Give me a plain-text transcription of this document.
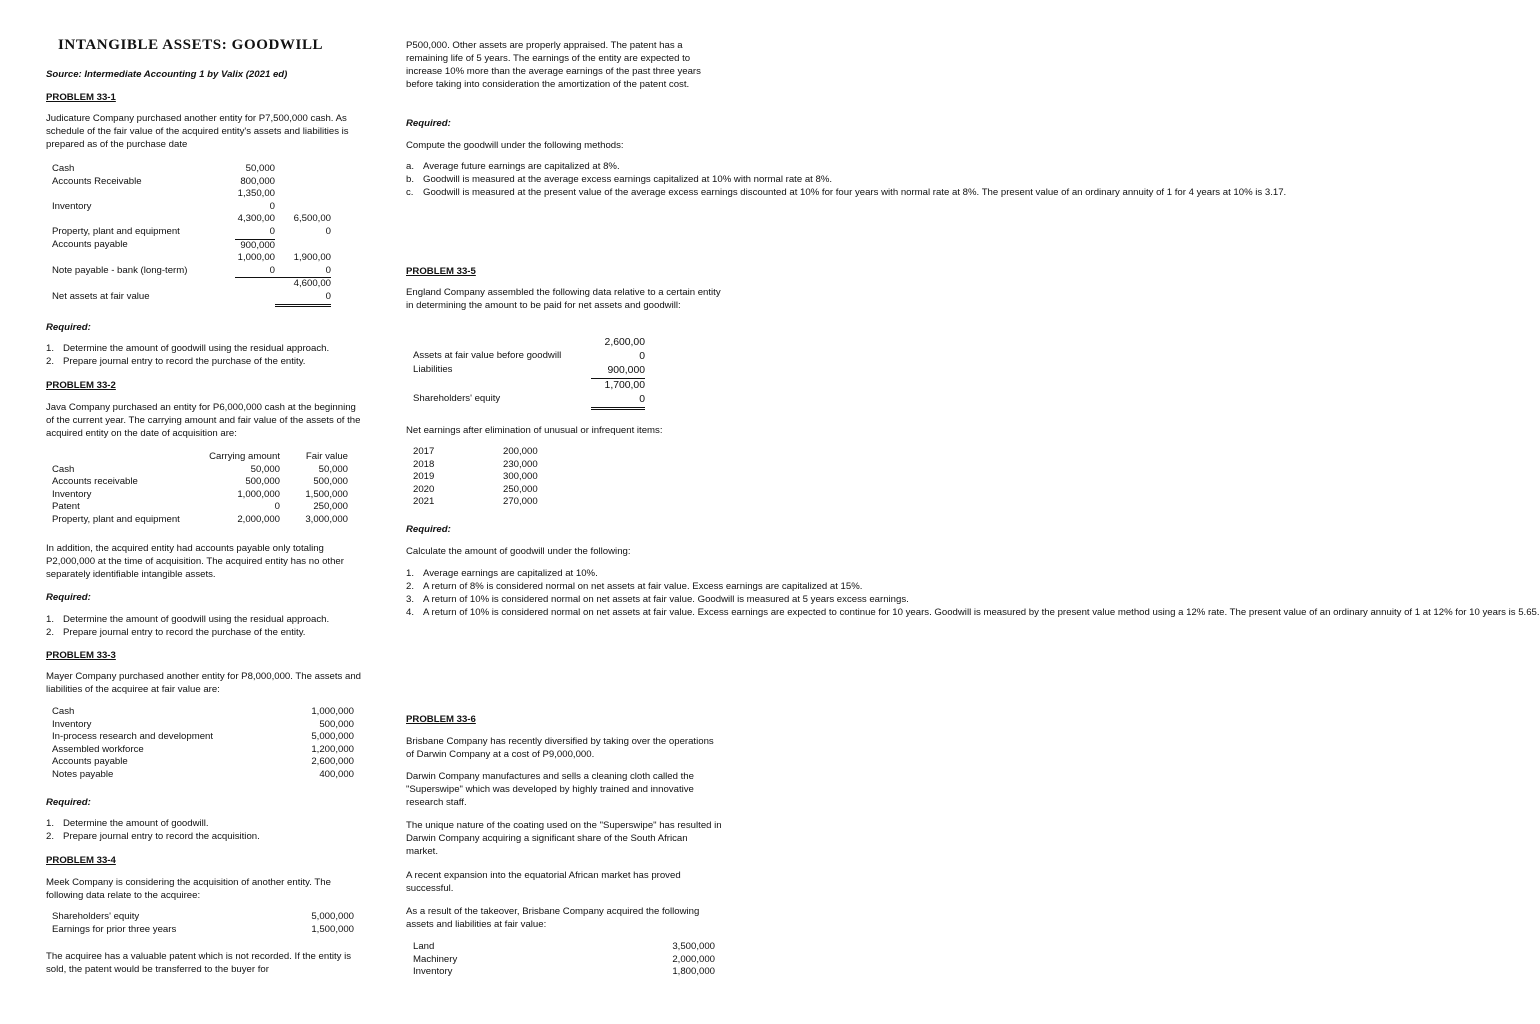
INTANGIBLE ASSETS: GOODWILL
Source: Intermediate Accounting 1 by Valix (2021 ed)
PROBLEM 33-1
Judicature Company purchased another entity for P7,500,000 cash. As schedule of the fair value of the acquired entity's assets and liabilities is prepared as of the purchase date
Cash	50,000	
Accounts Receivable	800,000	
	1,350,00	
Inventory	0	
	4,300,00	6,500,00
Property, plant and equipment	0	0
Accounts payable	900,000	
	1,000,00	1,900,00
Note payable - bank (long-term)	0	0
		4,600,00
Net assets at fair value		0
Required:
1. Determine the amount of goodwill using the residual approach.
2. Prepare journal entry to record the purchase of the entity.
PROBLEM 33-2
Java Company purchased an entity for P6,000,000 cash at the beginning of the current year. The carrying amount and fair value of the assets of the acquired entity on the date of acquisition are:
	Carrying amount	Fair value
Cash	50,000	50,000
Accounts receivable	500,000	500,000
Inventory	1,000,000	1,500,000
Patent	0	250,000
Property, plant and equipment	2,000,000	3,000,000
In addition, the acquired entity had accounts payable only totaling P2,000,000 at the time of acquisition. The acquired entity has no other separately identifiable intangible assets.
Required:
1. Determine the amount of goodwill using the residual approach.
2. Prepare journal entry to record the purchase of the entity.
PROBLEM 33-3
Mayer Company purchased another entity for P8,000,000. The assets and liabilities of the acquiree at fair value are:
Cash	1,000,000
Inventory	500,000
In-process research and development	5,000,000
Assembled workforce	1,200,000
Accounts payable	2,600,000
Notes payable	400,000
Required:
1. Determine the amount of goodwill.
2. Prepare journal entry to record the acquisition.
PROBLEM 33-4
Meek Company is considering the acquisition of another entity. The following data relate to the acquiree:
Shareholders' equity	5,000,000
Earnings for prior three years	1,500,000
The acquiree has a valuable patent which is not recorded. If the entity is sold, the patent would be transferred to the buyer for
P500,000. Other assets are properly appraised. The patent has a remaining life of 5 years. The earnings of the entity are expected to increase 10% more than the average earnings of the past three years before taking into consideration the amortization of the patent cost.
Required:
Compute the goodwill under the following methods:
a. Average future earnings are capitalized at 8%.
b. Goodwill is measured at the average excess earnings capitalized at 10% with normal rate at 8%.
c. Goodwill is measured at the present value of the average excess earnings discounted at 10% for four years with normal rate at 8%. The present value of an ordinary annuity of 1 for 4 years at 10% is 3.17.
PROBLEM 33-5
England Company assembled the following data relative to a certain entity in determining the amount to be paid for net assets and goodwill:
	2,600,00
Assets at fair value before goodwill	0
Liabilities	900,000
	1,700,00
Shareholders' equity	0
Net earnings after elimination of unusual or infrequent items:
2017	200,000
2018	230,000
2019	300,000
2020	250,000
2021	270,000
Required:
Calculate the amount of goodwill under the following:
1. Average earnings are capitalized at 10%.
2. A return of 8% is considered normal on net assets at fair value. Excess earnings are capitalized at 15%.
3. A return of 10% is considered normal on net assets at fair value. Goodwill is measured at 5 years excess earnings.
4. A return of 10% is considered normal on net assets at fair value. Excess earnings are expected to continue for 10 years. Goodwill is measured by the present value method using a 12% rate. The present value of an ordinary annuity of 1 at 12% for 10 years is 5.65.
PROBLEM 33-6
Brisbane Company has recently diversified by taking over the operations of Darwin Company at a cost of P9,000,000.
Darwin Company manufactures and sells a cleaning cloth called the "Superswipe" which was developed by highly trained and innovative research staff.
The unique nature of the coating used on the "Superswipe" has resulted in Darwin Company acquiring a significant share of the South African market.
A recent expansion into the equatorial African market has proved successful.
As a result of the takeover, Brisbane Company acquired the following assets and liabilities at fair value:
Land	3,500,000
Machinery	2,000,000
Inventory	1,800,000
